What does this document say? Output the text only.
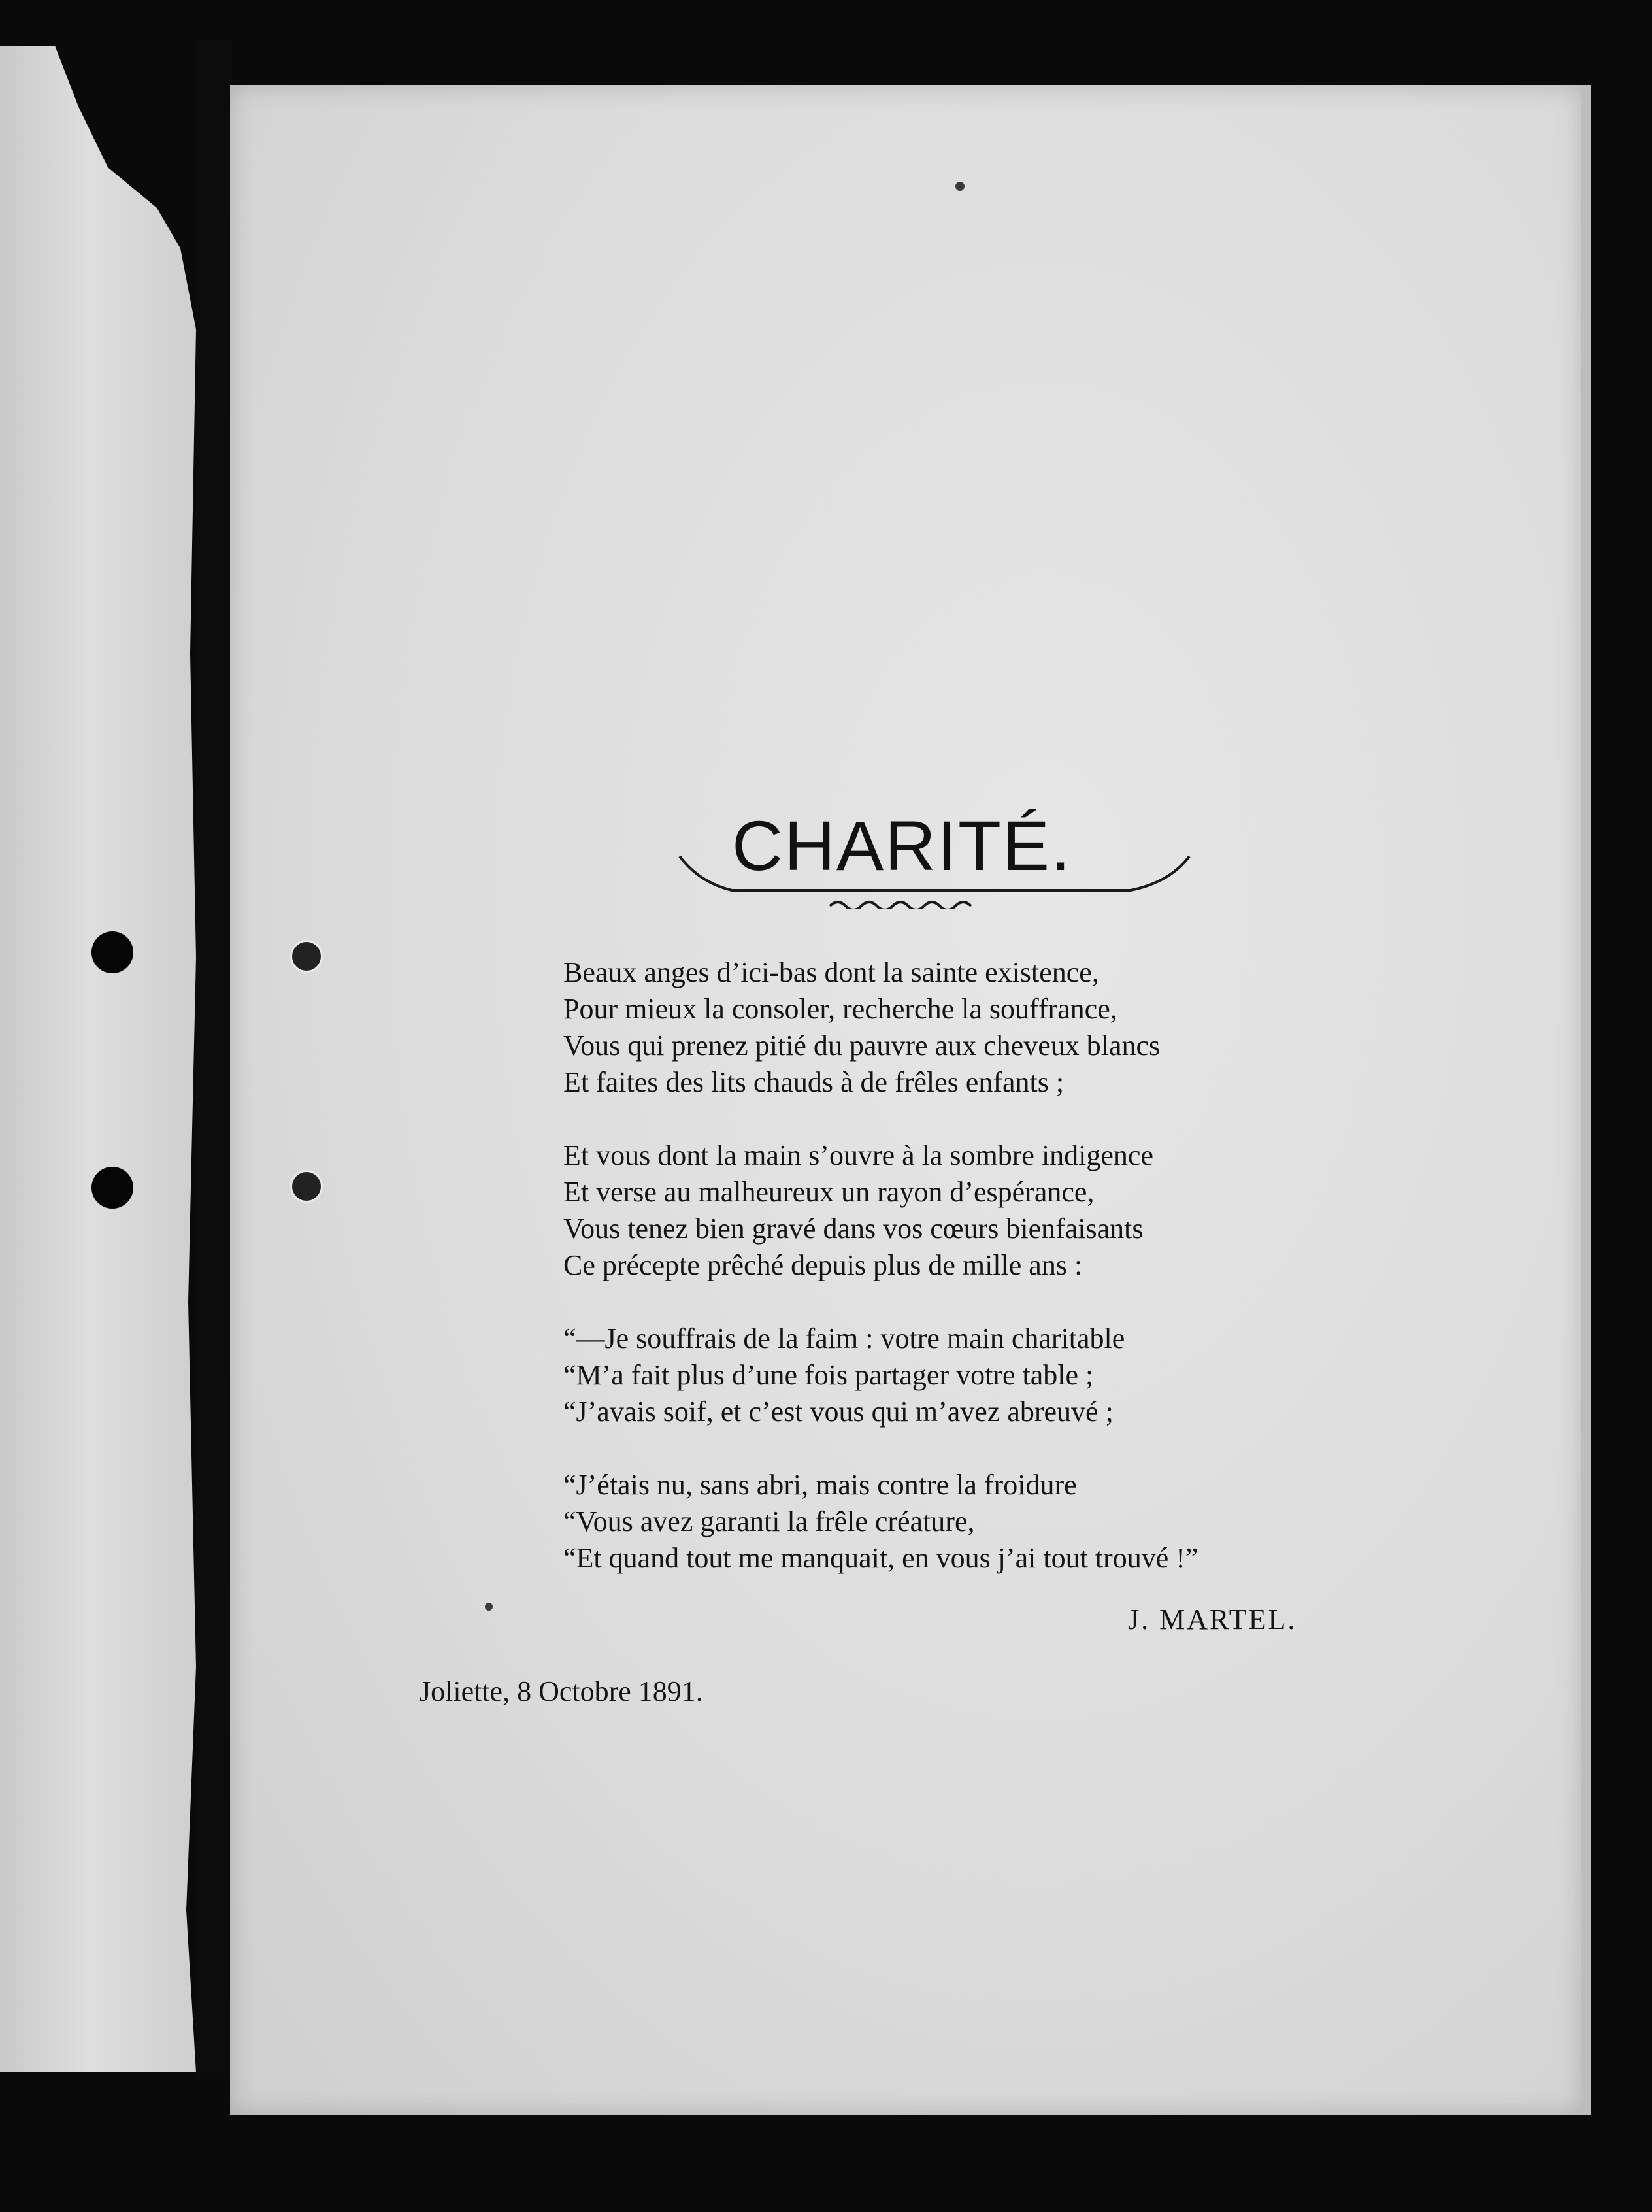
CHARITÉ.
Beaux anges d’ici-bas dont la sainte existence,
Pour mieux la consoler, recherche la souffrance,
Vous qui prenez pitié du pauvre aux cheveux blancs
Et faites des lits chauds à de frêles enfants ;
Et vous dont la main s’ouvre à la sombre indigence
Et verse au malheureux un rayon d’espérance,
Vous tenez bien gravé dans vos cœurs bienfaisants
Ce précepte prêché depuis plus de mille ans :
“—Je souffrais de la faim : votre main charitable
“M’a fait plus d’une fois partager votre table ;
“J’avais soif, et c’est vous qui m’avez abreuvé ;
“J’étais nu, sans abri, mais contre la froidure
“Vous avez garanti la frêle créature,
“Et quand tout me manquait, en vous j’ai tout trouvé !”
J. MARTEL.
Joliette, 8 Octobre 1891.
